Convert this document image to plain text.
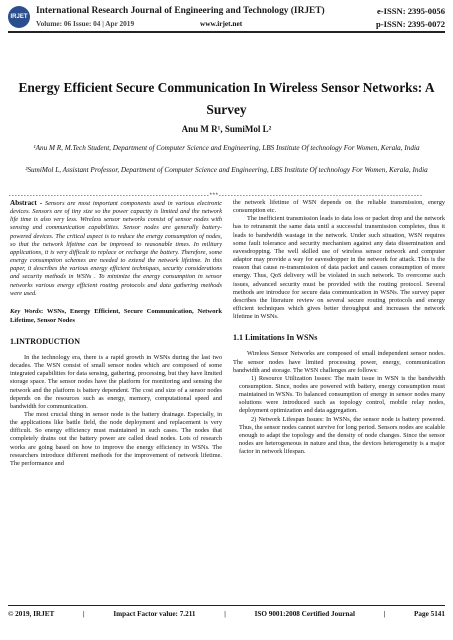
IRJET
International Research Journal of Engineering and Technology (IRJET)	e-ISSN: 2395-0056
Volume: 06 Issue: 04 | Apr 2019	www.irjet.net	p-ISSN: 2395-0072
Energy Efficient Secure Communication In Wireless Sensor Networks: A Survey
Anu M R¹, SumiMol L²
¹Anu M R, M.Tech Student, Department of Computer Science and Engineering, LBS Institute Of technology For Women, Kerala, India
²SumiMol L, Assistant Professor, Department of Computer Science and Engineering, LBS Institute Of technology For Women, Kerala, India
-------------------------------------------------------------------***--------------------------------------------------------------------
Abstract - Sensors are most important components used in various electronic devices. Sensors are of tiny size so the power capacity is limited and the network life time is also very less. Wireless sensor networks consist of sensor nodes with sensing and communication capabilities. Sensor nodes are generally battery-powered devices. The critical aspect is to reduce the energy consumption of nodes, so that the network lifetime can be improved to reasonable times. In military applications, it is very difficult to replace or recharge the battery. Therefore, some energy consumption schemes are needed to extend the network lifetime. In this paper, it describes the various energy efficient techniques, security considerations and security methods in WSNs . To minimize the energy consumption in sensor networks various energy efficient routing protocols and data gathering methods were used.
Key Words: WSNs, Energy Efficient, Secure Communication, Network Lifetime, Sensor Nodes
1.INTRODUCTION

In the technology era, there is a rapid growth in WSNs during the last two decades. The WSN consist of small sensor nodes which are composed of some integrated capabilities for data sensing, gathering, processing, but they have limited storage space. The sensor nodes have the platform for monitoring and sensing the network and the platform is battery dependent. The cost and size of a sensor nodes depends on the resources such as energy, memory, computational speed and bandwidth for communication.

The most crucial thing in sensor node is the battery drainage. Especially, in the applications like battle field, the node deployment and replacement is very difficult. So energy efficiency must maintained in such cases. The nodes that completely drains out the battery power are called dead nodes. Lots of research works are going based on how to improve the energy efficiency in WSNs. The researchers introduce different methods for the improvement of network lifetime. The performance and

the network lifetime of WSN depends on the reliable transmission, energy consumption etc.

The inefficient transmission leads to data loss or packet drop and the network has to retransmit the same data until a successful transmission completes, thus it leads to bandwidth wastage in the network. Under such situation, WSN requires some fault tolerance and security mechanism against any data dissemination and eavesdropping. The well skilled use of wireless sensor network and computer adaptor may provide a way for eavesdropper in the network for attack. This is the reason that cause re-transmission of data packet and causes consumption of more energy. Thus, QoS delivery will be violated in such network. To overcome such issues, advanced security must be provided with the routing protocol. Several methods are introduce for secure data communication in WSNs. The survey paper describes the literature review on several secure routing protocols and energy efficient techniques which gives better throughput and increases the network lifetime in WSNs.

1.1 Limitations In WSNs

Wireless Sensor Networks are composed of small independent sensor nodes. The sensor nodes have limited processing power, energy, communication bandwidth and storage. The WSN challenges are follows:

1) Resource Utilization Issues: The main issue in WSN is the bandwidth consumption. Since, nodes are powered with battery, energy consumption must maintained in WSNs. To balanced consumption of energy in sensor nodes many solutions were introduced such as topology control, mobile relay nodes, deployment optimization and data aggregation.

2) Network Lifespan Issues: In WSNs, the sensor node is battery powered. Thus, the sensor nodes cannot survive for long period. Sensors nodes are scalable enough to adapt the topology and the density of node changes. Since the sensor nodes are heterogeneous in nature and thus, the devices heterogeneity is a major factor in network lifespan.

© 2019, IRJET	|	Impact Factor value: 7.211	|	ISO 9001:2008 Certified Journal	|	Page 5141
